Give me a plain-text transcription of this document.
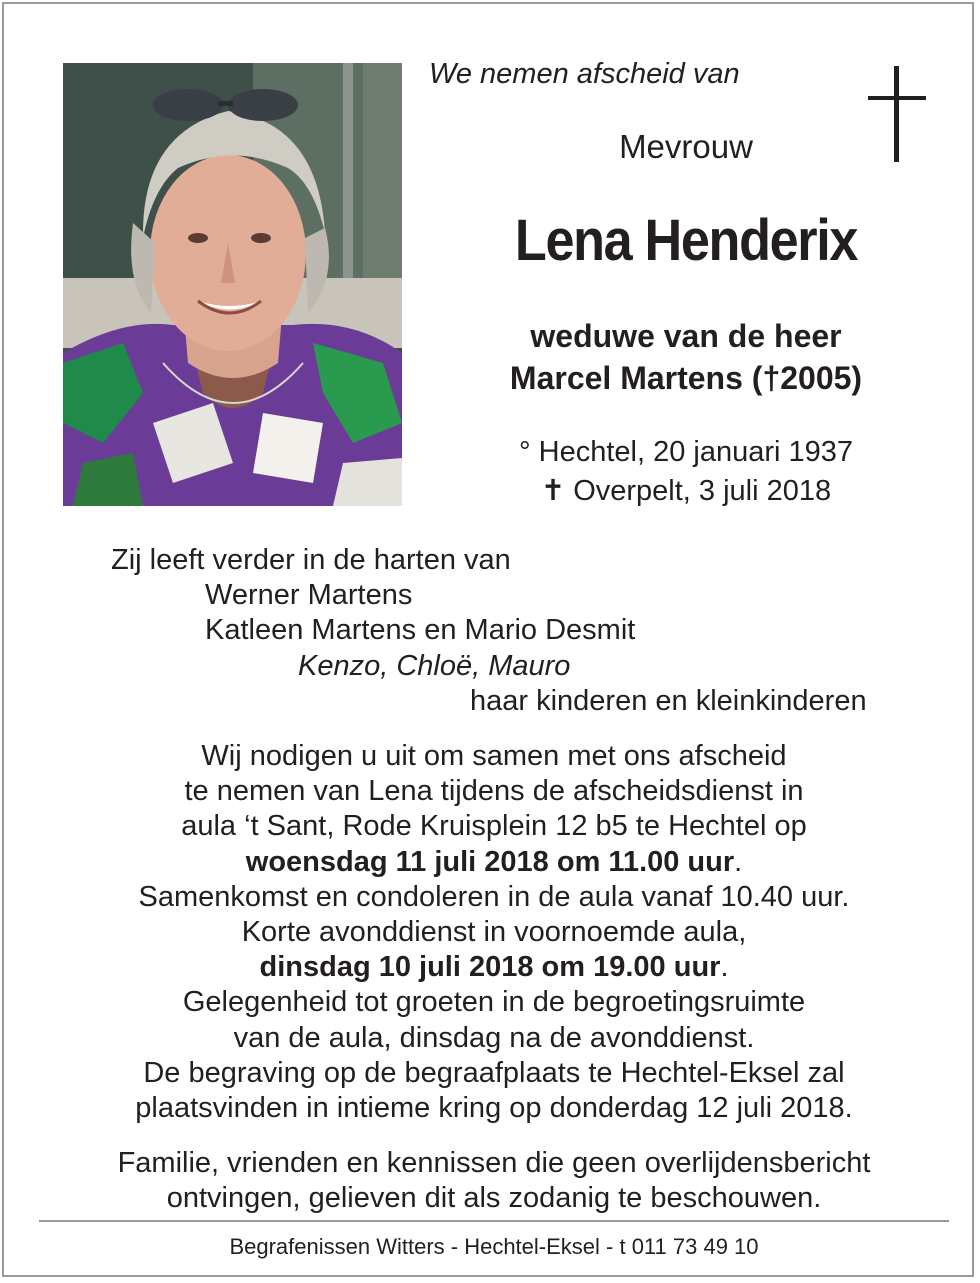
We nemen afscheid van
Mevrouw
Lena Henderix
weduwe van de heer
Marcel Martens (†2005)
° Hechtel, 20 januari 1937
✝ Overpelt, 3 juli 2018
Zij leeft verder in de harten van
Werner Martens
Katleen Martens en Mario Desmit
Kenzo, Chloë, Mauro
haar kinderen en kleinkinderen
Wij nodigen u uit om samen met ons afscheid
te nemen van Lena tijdens de afscheidsdienst in
aula ‘t Sant, Rode Kruisplein 12 b5 te Hechtel op
woensdag 11 juli 2018 om 11.00 uur.
Samenkomst en condoleren in de aula vanaf 10.40 uur.
Korte avonddienst in voornoemde aula,
dinsdag 10 juli 2018 om 19.00 uur.
Gelegenheid tot groeten in de begroetingsruimte
van de aula, dinsdag na de avonddienst.
De begraving op de begraafplaats te Hechtel-Eksel zal
plaatsvinden in intieme kring op donderdag 12 juli 2018.
Familie, vrienden en kennissen die geen overlijdensbericht
ontvingen, gelieven dit als zodanig te beschouwen.
Begrafenissen Witters - Hechtel-Eksel - t 011 73 49 10
